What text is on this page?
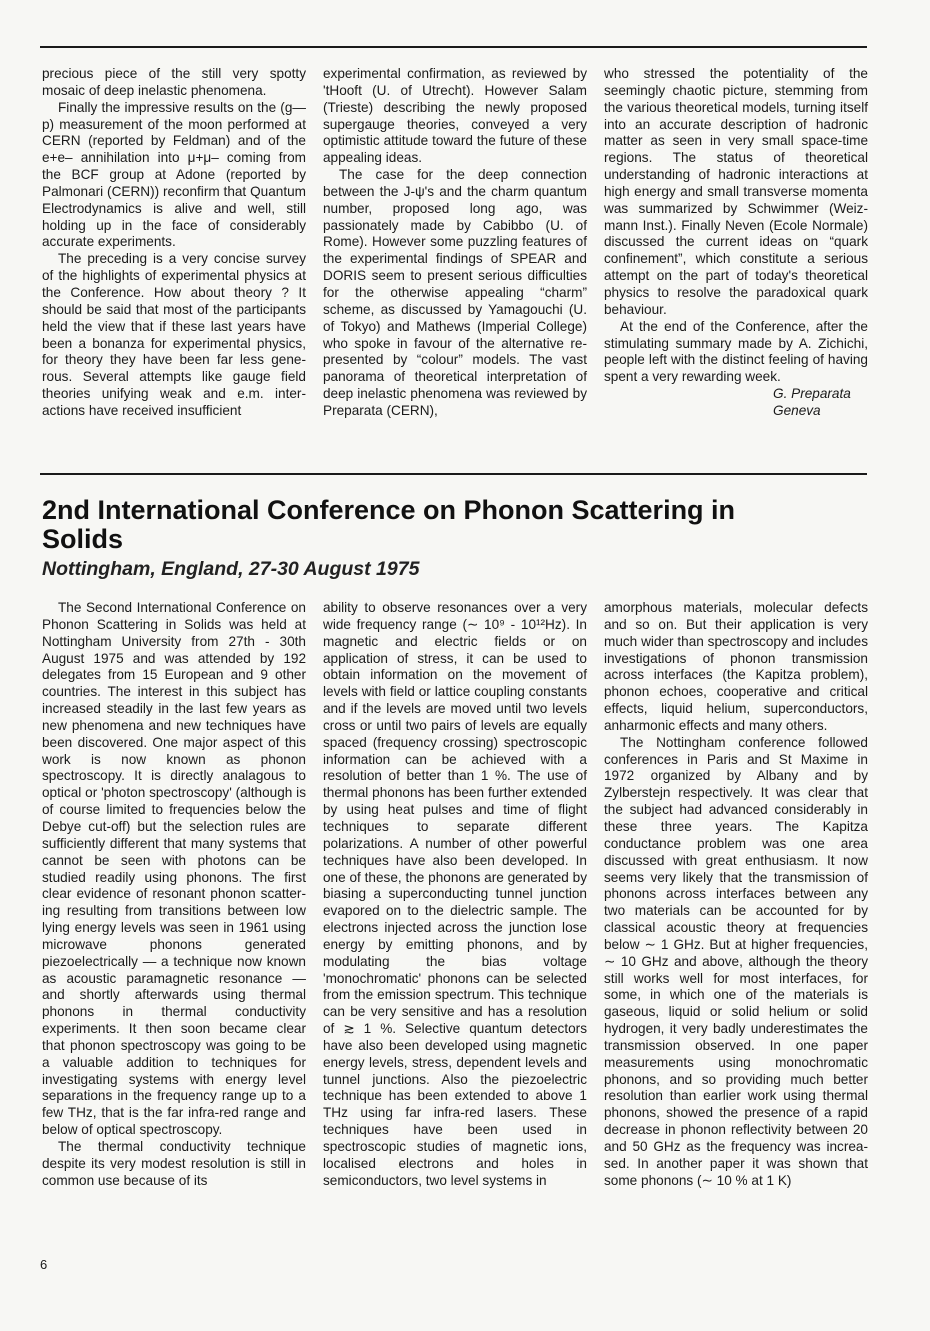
precious piece of the still very spotty mosaic of deep inelastic phenomena.

Finally the impressive results on the (g—p) measurement of the moon performed at CERN (reported by Feldman) and of the e+e– annihilation into μ+μ– coming from the BCF group at Adone (reported by Palmonari (CERN)) reconfirm that Quantum Electrodynamics is alive and well, still holding up in the face of considerably accurate experiments.

The preceding is a very concise survey of the highlights of experimental physics at the Conference. How about theory ? It should be said that most of the participants held the view that if these last years have been a bonanza for experimental physics, for theory they have been far less generous. Several attempts like gauge field theories unifying weak and e.m. interactions have received insufficient

experimental confirmation, as reviewed by 'tHooft (U. of Utrecht). However Salam (Trieste) describing the newly proposed supergauge theories, conveyed a very optimistic attitude toward the future of these appealing ideas.

The case for the deep connection between the J-ψ's and the charm quantum number, proposed long ago, was passionately made by Cabibbo (U. of Rome). However some puzzling features of the experimental findings of SPEAR and DORIS seem to present serious difficulties for the otherwise appealing “charm” scheme, as discussed by Yamagouchi (U. of Tokyo) and Mathews (Imperial College) who spoke in favour of the alternative represented by “colour” models. The vast panorama of theoretical interpretation of deep inelastic phenomena was reviewed by Preparata (CERN),

who stressed the potentiality of the seemingly chaotic picture, stemming from the various theoretical models, turning itself into an accurate description of hadronic matter as seen in very small space-time regions. The status of theoretical understanding of hadronic interactions at high energy and small transverse momenta was summarized by Schwimmer (Weizmann Inst.). Finally Neven (Ecole Normale) discussed the current ideas on “quark confinement”, which constitute a serious attempt on the part of today's theoretical physics to resolve the paradoxical quark behaviour.

At the end of the Conference, after the stimulating summary made by A. Zichichi, people left with the distinct feeling of having spent a very rewarding week.

G. Preparata
Geneva
2nd International Conference on Phonon Scattering in Solids
Nottingham, England, 27-30 August 1975

The Second International Conference on Phonon Scattering in Solids was held at Nottingham University from 27th - 30th August 1975 and was attended by 192 delegates from 15 European and 9 other countries. The interest in this subject has increased steadily in the last few years as new phenomena and new techniques have been discovered. One major aspect of this work is now known as phonon spectroscopy. It is directly analagous to optical or 'photon spectroscopy' (although is of course limited to frequencies below the Debye cut-off) but the selection rules are sufficiently different that many systems that cannot be seen with photons can be studied readily using phonons. The first clear evidence of resonant phonon scattering resulting from transitions between low lying energy levels was seen in 1961 using microwave phonons generated piezoelectrically — a technique now known as acoustic paramagnetic resonance — and shortly afterwards using thermal phonons in thermal conductivity experiments. It then soon became clear that phonon spectroscopy was going to be a valuable addition to techniques for investigating systems with energy level separations in the frequency range up to a few THz, that is the far infra-red range and below of optical spectroscopy.

The thermal conductivity technique despite its very modest resolution is still in common use because of its

ability to observe resonances over a very wide frequency range (∼ 10⁹ - 10¹²Hz). In magnetic and electric fields or on application of stress, it can be used to obtain information on the movement of levels with field or lattice coupling constants and if the levels are moved until two levels cross or until two pairs of levels are equally spaced (frequency crossing) spectroscopic information can be achieved with a resolution of better than 1 %. The use of thermal phonons has been further extended by using heat pulses and time of flight techniques to separate different polarizations. A number of other powerful techniques have also been developed. In one of these, the phonons are generated by biasing a superconducting tunnel junction evapored on to the dielectric sample. The electrons injected across the junction lose energy by emitting phonons, and by modulating the bias voltage 'monochromatic' phonons can be selected from the emission spectrum. This technique can be very sensitive and has a resolution of ≳ 1 %. Selective quantum detectors have also been developed using magnetic energy levels, stress, dependent levels and tunnel junctions. Also the piezoelectric technique has been extended to above 1 THz using far infra-red lasers. These techniques have been used in spectroscopic studies of magnetic ions, localised electrons and holes in semiconductors, two level systems in

amorphous materials, molecular defects and so on. But their application is very much wider than spectroscopy and includes investigations of phonon transmission across interfaces (the Kapitza problem), phonon echoes, cooperative and critical effects, liquid helium, superconductors, anharmonic effects and many others.

The Nottingham conference followed conferences in Paris and St Maxime in 1972 organized by Albany and by Zylberstejn respectively. It was clear that the subject had advanced considerably in these three years. The Kapitza conductance problem was one area discussed with great enthusiasm. It now seems very likely that the transmission of phonons across interfaces between any two materials can be accounted for by classical acoustic theory at frequencies below ∼ 1 GHz. But at higher frequencies, ∼ 10 GHz and above, although the theory still works well for most interfaces, for some, in which one of the materials is gaseous, liquid or solid helium or solid hydrogen, it very badly underestimates the transmission observed. In one paper measurements using monochromatic phonons, and so providing much better resolution than earlier work using thermal phonons, showed the presence of a rapid decrease in phonon reflectivity between 20 and 50 GHz as the frequency was increased. In another paper it was shown that some phonons (∼ 10 % at 1 K)

6
